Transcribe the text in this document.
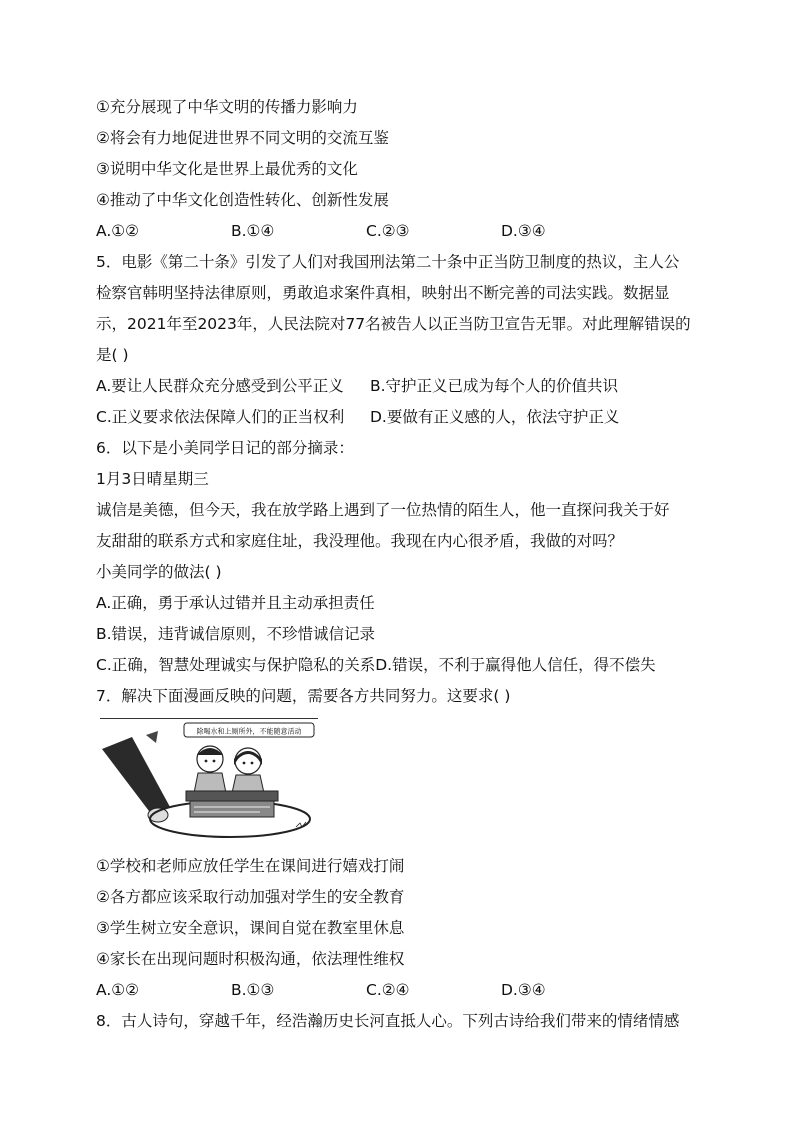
①充分展现了中华文明的传播力影响力
②将会有力地促进世界不同文明的交流互鉴
③说明中华文化是世界上最优秀的文化
④推动了中华文化创造性转化、创新性发展
A.①②	B.①④	C.②③	D.③④
5．电影《第二十条》引发了人们对我国刑法第二十条中正当防卫制度的热议，主人公
检察官韩明坚持法律原则，勇敢追求案件真相，映射出不断完善的司法实践。数据显
示，2021年至2023年，人民法院对77名被告人以正当防卫宣告无罪。对此理解错误的
是( )
A.要让人民群众充分感受到公平正义	B.守护正义已成为每个人的价值共识
C.正义要求依法保障人们的正当权利	D.要做有正义感的人，依法守护正义
6．以下是小美同学日记的部分摘录：
1月3日晴星期三
诚信是美德，但今天，我在放学路上遇到了一位热情的陌生人，他一直探问我关于好
友甜甜的联系方式和家庭住址，我没理他。我现在内心很矛盾，我做的对吗？
小美同学的做法( )
A.正确，勇于承认过错并且主动承担责任
B.错误，违背诚信原则，不珍惜诚信记录
C.正确，智慧处理诚实与保护隐私的关系D.错误，不利于赢得他人信任，得不偿失
7．解决下面漫画反映的问题，需要各方共同努力。这要求( )
除喝水和上厕所外，不能随意活动
①学校和老师应放任学生在课间进行嬉戏打闹
②各方都应该采取行动加强对学生的安全教育
③学生树立安全意识，课间自觉在教室里休息
④家长在出现问题时积极沟通，依法理性维权
A.①②	B.①③	C.②④	D.③④
8．古人诗句，穿越千年，经浩瀚历史长河直抵人心。下列古诗给我们带来的情绪情感
